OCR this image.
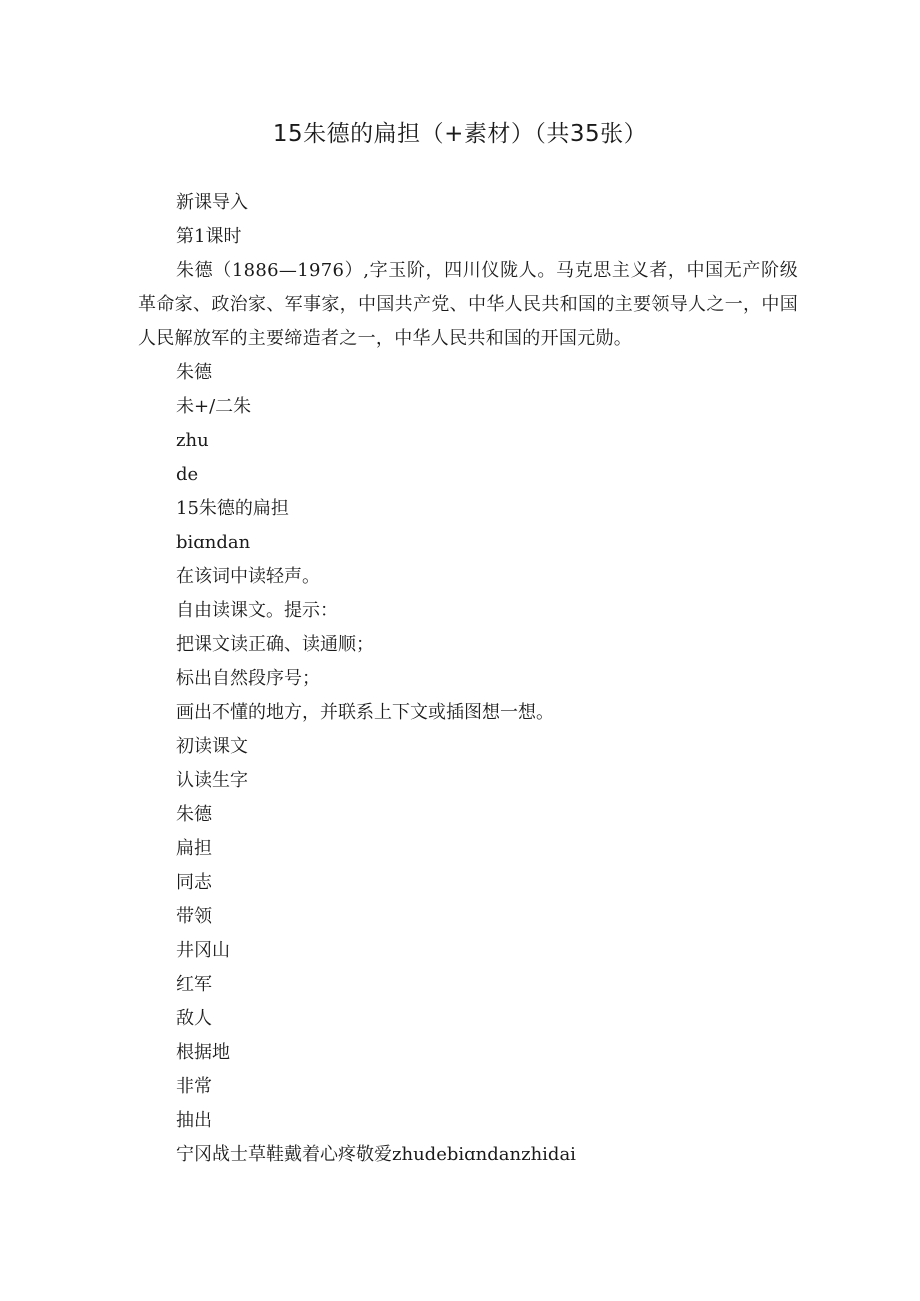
15朱德的扁担（+素材）（共35张）
新课导入
第1课时
朱德（1886—1976）,字玉阶，四川仪陇人。马克思主义者，中国无产阶级革命家、政治家、军事家，中国共产党、中华人民共和国的主要领导人之一，中国人民解放军的主要缔造者之一，中华人民共和国的开国元勋。
朱德
未+/二朱
zhu
de
15朱德的扁担
biɑndan
在该词中读轻声。
自由读课文。提示：
把课文读正确、读通顺；
标出自然段序号；
画出不懂的地方，并联系上下文或插图想一想。
初读课文
认读生字
朱德
扁担
同志
带领
井冈山
红军
敌人
根据地
非常
抽出
宁冈战士草鞋戴着心疼敬爱zhudebiɑndanzhidai
